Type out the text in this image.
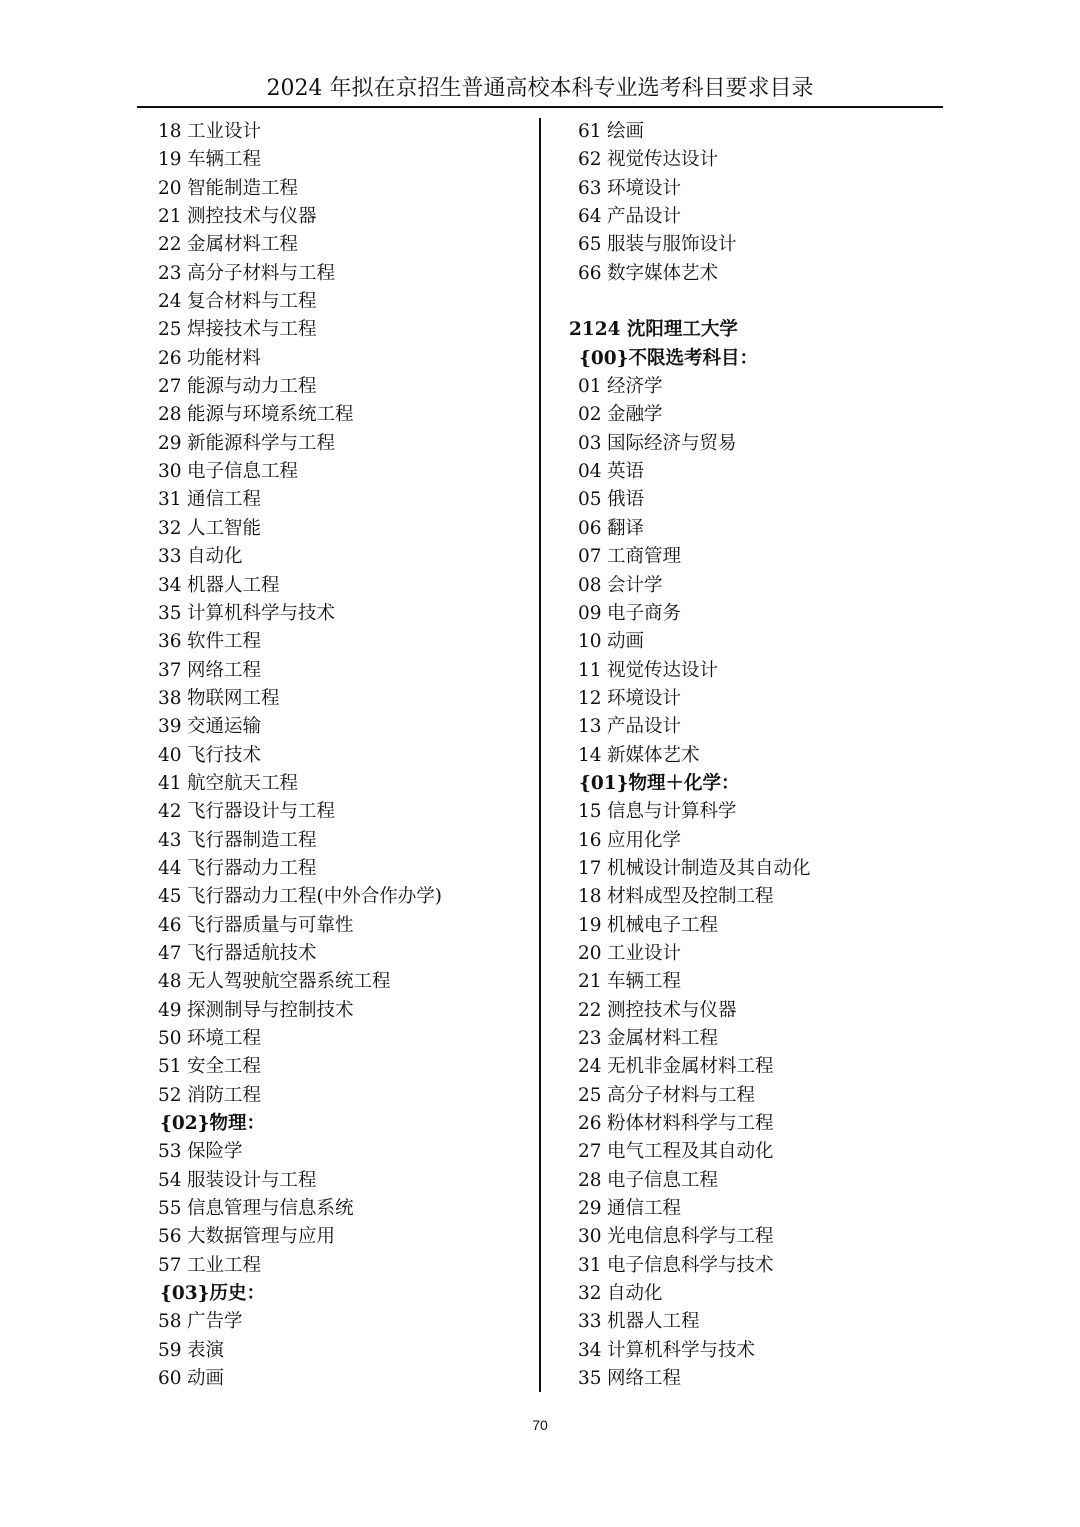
2024 年拟在京招生普通高校本科专业选考科目要求目录
18 工业设计
19 车辆工程
20 智能制造工程
21 测控技术与仪器
22 金属材料工程
23 高分子材料与工程
24 复合材料与工程
25 焊接技术与工程
26 功能材料
27 能源与动力工程
28 能源与环境系统工程
29 新能源科学与工程
30 电子信息工程
31 通信工程
32 人工智能
33 自动化
34 机器人工程
35 计算机科学与技术
36 软件工程
37 网络工程
38 物联网工程
39 交通运输
40 飞行技术
41 航空航天工程
42 飞行器设计与工程
43 飞行器制造工程
44 飞行器动力工程
45 飞行器动力工程(中外合作办学)
46 飞行器质量与可靠性
47 飞行器适航技术
48 无人驾驶航空器系统工程
49 探测制导与控制技术
50 环境工程
51 安全工程
52 消防工程
{02}物理：
53 保险学
54 服装设计与工程
55 信息管理与信息系统
56 大数据管理与应用
57 工业工程
{03}历史：
58 广告学
59 表演
60 动画
61 绘画
62 视觉传达设计
63 环境设计
64 产品设计
65 服装与服饰设计
66 数字媒体艺术
2124 沈阳理工大学
{00}不限选考科目：
01 经济学
02 金融学
03 国际经济与贸易
04 英语
05 俄语
06 翻译
07 工商管理
08 会计学
09 电子商务
10 动画
11 视觉传达设计
12 环境设计
13 产品设计
14 新媒体艺术
{01}物理＋化学：
15 信息与计算科学
16 应用化学
17 机械设计制造及其自动化
18 材料成型及控制工程
19 机械电子工程
20 工业设计
21 车辆工程
22 测控技术与仪器
23 金属材料工程
24 无机非金属材料工程
25 高分子材料与工程
26 粉体材料科学与工程
27 电气工程及其自动化
28 电子信息工程
29 通信工程
30 光电信息科学与工程
31 电子信息科学与技术
32 自动化
33 机器人工程
34 计算机科学与技术
35 网络工程
70
